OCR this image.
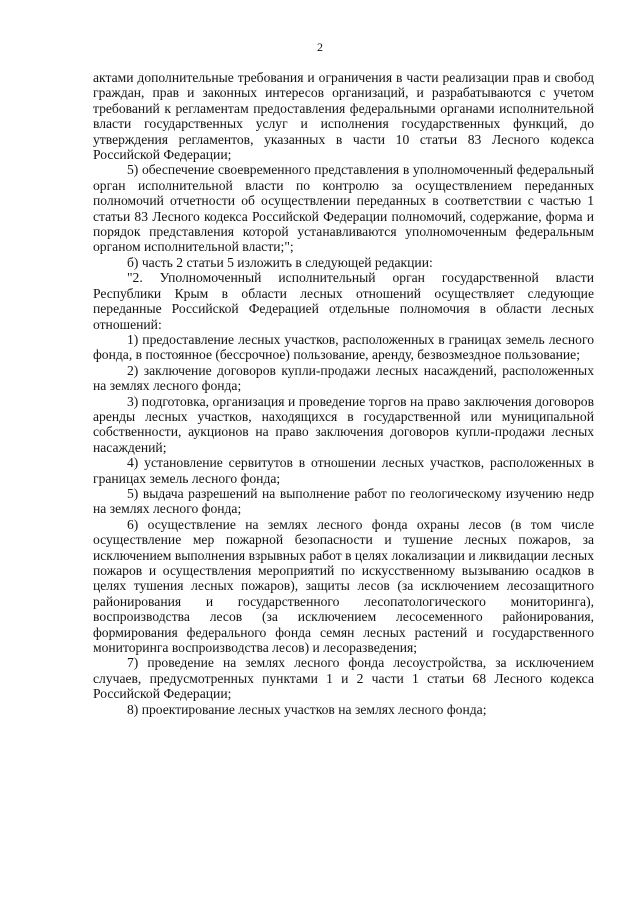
2

актами дополнительные требования и ограничения в части реализации прав и свобод граждан, прав и законных интересов организаций, и разрабатываются с учетом требований к регламентам предоставления федеральными органами исполнительной власти государственных услуг и исполнения государственных функций, до утверждения регламентов, указанных в части 10 статьи 83 Лесного кодекса Российской Федерации;

5) обеспечение своевременного представления в уполномоченный федеральный орган исполнительной власти по контролю за осуществлением переданных полномочий отчетности об осуществлении переданных в соответствии с частью 1 статьи 83 Лесного кодекса Российской Федерации полномочий, содержание, форма и порядок представления которой устанавливаются уполномоченным федеральным органом исполнительной власти;";

б) часть 2 статьи 5 изложить в следующей редакции:

"2. Уполномоченный исполнительный орган государственной власти Республики Крым в области лесных отношений осуществляет следующие переданные Российской Федерацией отдельные полномочия в области лесных отношений:

1) предоставление лесных участков, расположенных в границах земель лесного фонда, в постоянное (бессрочное) пользование, аренду, безвозмездное пользование;

2) заключение договоров купли-продажи лесных насаждений, расположенных на землях лесного фонда;

3) подготовка, организация и проведение торгов на право заключения договоров аренды лесных участков, находящихся в государственной или муниципальной собственности, аукционов на право заключения договоров купли-продажи лесных насаждений;

4) установление сервитутов в отношении лесных участков, расположенных в границах земель лесного фонда;

5) выдача разрешений на выполнение работ по геологическому изучению недр на землях лесного фонда;

6) осуществление на землях лесного фонда охраны лесов (в том числе осуществление мер пожарной безопасности и тушение лесных пожаров, за исключением выполнения взрывных работ в целях локализации и ликвидации лесных пожаров и осуществления мероприятий по искусственному вызыванию осадков в целях тушения лесных пожаров), защиты лесов (за исключением лесозащитного районирования и государственного лесопатологического мониторинга), воспроизводства лесов (за исключением лесосеменного районирования, формирования федерального фонда семян лесных растений и государственного мониторинга воспроизводства лесов) и лесоразведения;

7) проведение на землях лесного фонда лесоустройства, за исключением случаев, предусмотренных пунктами 1 и 2 части 1 статьи 68 Лесного кодекса Российской Федерации;

8) проектирование лесных участков на землях лесного фонда;
